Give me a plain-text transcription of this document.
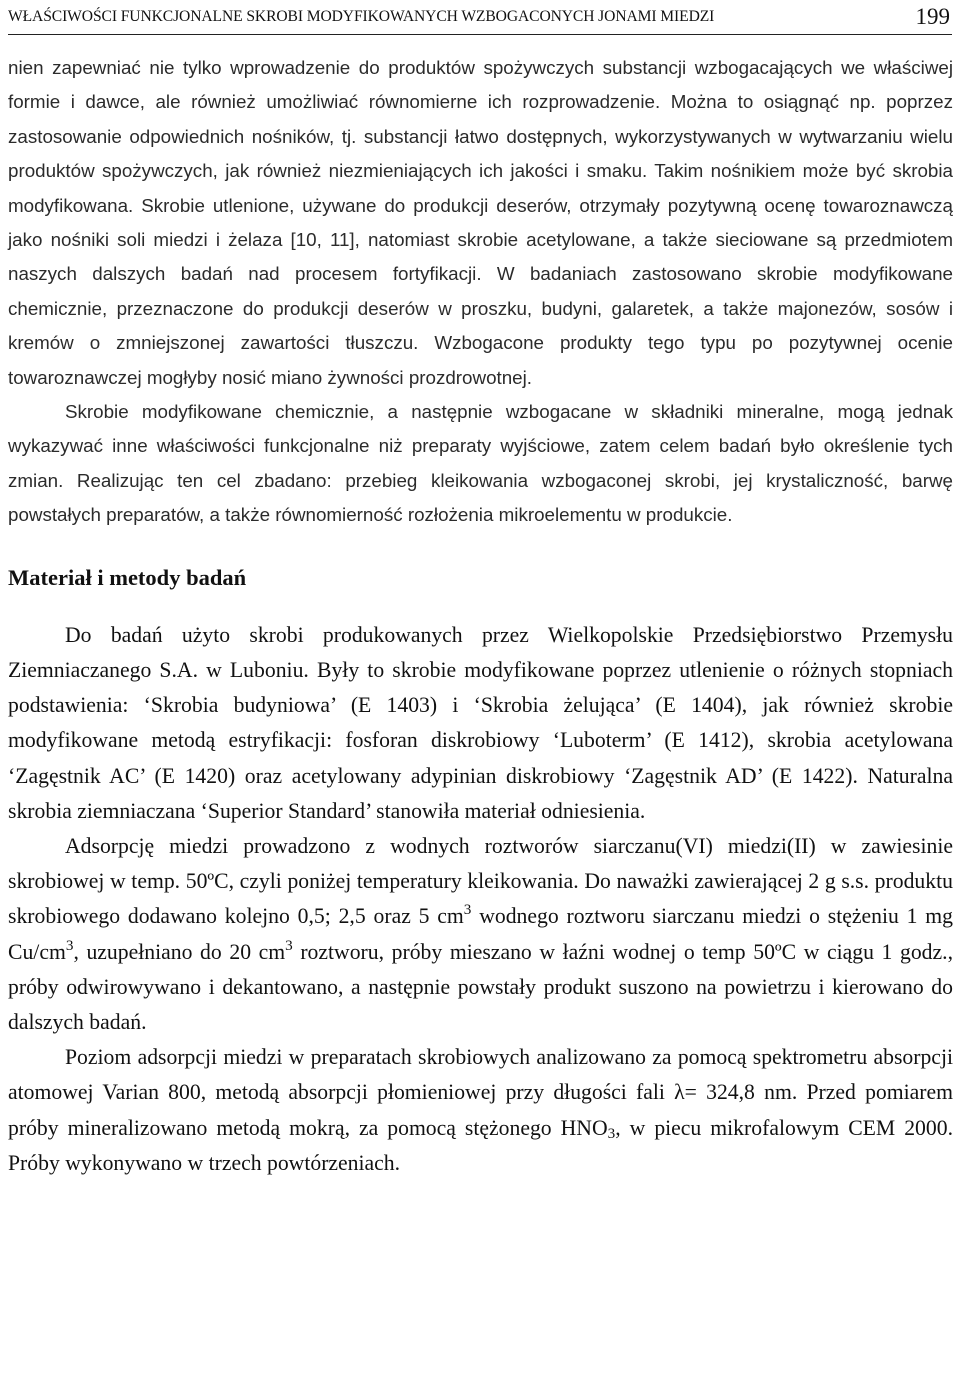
WŁAŚCIWOŚCI FUNKCJONALNE SKROBI MODYFIKOWANYCH WZBOGACONYCH JONAMI MIEDZI	199

nien zapewniać nie tylko wprowadzenie do produktów spożywczych substancji wzbogacających we właściwej formie i dawce, ale również umożliwiać równomierne ich rozprowadzenie. Można to osiągnąć np. poprzez zastosowanie odpowiednich nośników, tj. substancji łatwo dostępnych, wykorzystywanych w wytwarzaniu wielu produktów spożywczych, jak również niezmieniających ich jakości i smaku. Takim nośnikiem może być skrobia modyfikowana. Skrobie utlenione, używane do produkcji deserów, otrzymały pozytywną ocenę towaroznawczą jako nośniki soli miedzi i żelaza [10, 11], natomiast skrobie acetylowane, a także sieciowane są przedmiotem naszych dalszych badań nad procesem fortyfikacji. W badaniach zastosowano skrobie modyfikowane chemicznie, przeznaczone do produkcji deserów w proszku, budyni, galaretek, a także majonezów, sosów i kremów o zmniejszonej zawartości tłuszczu. Wzbogacone produkty tego typu po pozytywnej ocenie towaroznawczej mogłyby nosić miano żywności prozdrowotnej.

Skrobie modyfikowane chemicznie, a następnie wzbogacane w składniki mineralne, mogą jednak wykazywać inne właściwości funkcjonalne niż preparaty wyjściowe, zatem celem badań było określenie tych zmian. Realizując ten cel zbadano: przebieg kleikowania wzbogaconej skrobi, jej krystaliczność, barwę powstałych preparatów, a także równomierność rozłożenia mikroelementu w produkcie.

Materiał i metody badań

Do badań użyto skrobi produkowanych przez Wielkopolskie Przedsiębiorstwo Przemysłu Ziemniaczanego S.A. w Luboniu. Były to skrobie modyfikowane poprzez utlenienie o różnych stopniach podstawienia: ‘Skrobia budyniowa’ (E 1403) i ‘Skrobia żelująca’ (E 1404), jak również skrobie modyfikowane metodą estryfikacji: fosforan diskrobiowy ‘Luboterm’ (E 1412), skrobia acetylowana ‘Zagęstnik AC’ (E 1420) oraz acetylowany adypinian diskrobiowy ‘Zagęstnik AD’ (E 1422). Naturalna skrobia ziemniaczana ‘Superior Standard’ stanowiła materiał odniesienia.

Adsorpcję miedzi prowadzono z wodnych roztworów siarczanu(VI) miedzi(II) w zawiesinie skrobiowej w temp. 50ºC, czyli poniżej temperatury kleikowania. Do naważki zawierającej 2 g s.s. produktu skrobiowego dodawano kolejno 0,5; 2,5 oraz 5 $cm^3$ wodnego roztworu siarczanu miedzi o stężeniu 1 mg $Cu/cm^3$, uzupełniano do 20 $cm^3$ roztworu, próby mieszano w łaźni wodnej o temp 50ºC w ciągu 1 godz., próby odwirowywano i dekantowano, a następnie powstały produkt suszono na powietrzu i kierowano do dalszych badań.

Poziom adsorpcji miedzi w preparatach skrobiowych analizowano za pomocą spektrometru absorpcji atomowej Varian 800, metodą absorpcji płomieniowej przy długości fali λ= 324,8 nm. Przed pomiarem próby mineralizowano metodą mokrą, za pomocą stężonego $HNO_3$, w piecu mikrofalowym CEM 2000. Próby wykonywano w trzech powtórzeniach.
